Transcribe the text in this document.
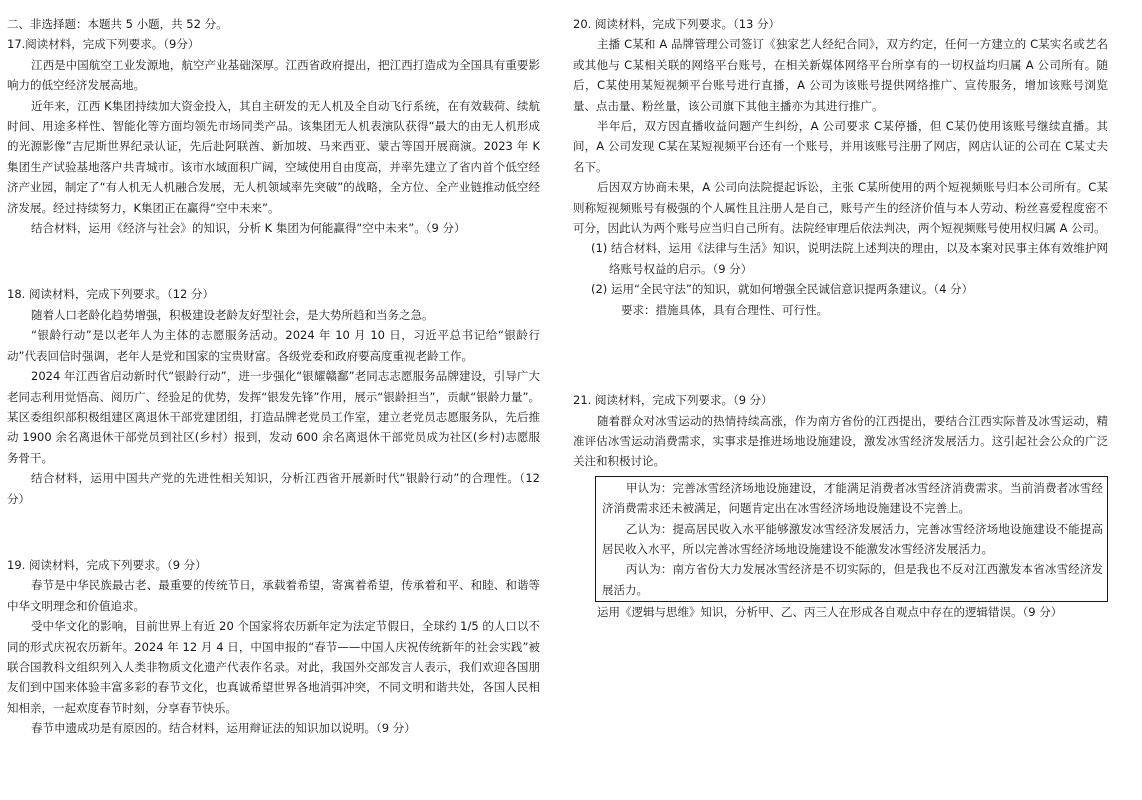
二、非选择题：本题共 5 小题，共 52 分。

17.阅读材料，完成下列要求。（9分）

江西是中国航空工业发源地，航空产业基础深厚。江西省政府提出，把江西打造成为全国具有重要影响力的低空经济发展高地。

近年来，江西 K集团持续加大资金投入，其自主研发的无人机及全自动飞行系统，在有效载荷、续航时间、用途多样性、智能化等方面均领先市场同类产品。该集团无人机表演队获得“最大的由无人机形成的光源影像”吉尼斯世界纪录认证，先后赴阿联酋、新加坡、马来西亚、蒙古等国开展商演。2023 年 K 集团生产试验基地落户共青城市。该市水域面积广阔，空域使用自由度高，并率先建立了省内首个低空经济产业园，制定了“有人机无人机融合发展，无人机领域率先突破”的战略，全方位、全产业链推动低空经济发展。经过持续努力，K集团正在赢得“空中未来”。

结合材料，运用《经济与社会》的知识，分析 K 集团为何能赢得“空中未来”。（9 分）

18. 阅读材料，完成下列要求。（12 分）

随着人口老龄化趋势增强，积极建设老龄友好型社会，是大势所趋和当务之急。

“银龄行动”是以老年人为主体的志愿服务活动。2024 年 10 月 10 日，习近平总书记给“银龄行动”代表回信时强调，老年人是党和国家的宝贵财富。各级党委和政府要高度重视老龄工作。

2024 年江西省启动新时代“银龄行动”，进一步强化“银耀赣鄱”老同志志愿服务品牌建设，引导广大老同志利用觉悟高、阅历广、经验足的优势，发挥“银发先锋”作用，展示“银龄担当”，贡献“银龄力量”。某区委组织部积极组建区离退休干部党建团组，打造品牌老党员工作室，建立老党员志愿服务队，先后推动 1900 余名离退休干部党员到社区(乡村）报到，发动 600 余名离退休干部党员成为社区(乡村)志愿服务骨干。

结合材料，运用中国共产党的先进性相关知识，分析江西省开展新时代“银龄行动”的合理性。（12 分）

19. 阅读材料，完成下列要求。（9 分）

春节是中华民族最古老、最重要的传统节日，承载着希望，寄寓着希望，传承着和平、和睦、和谐等中华文明理念和价值追求。

受中华文化的影响，目前世界上有近 20 个国家将农历新年定为法定节假日，全球约 1/5 的人口以不同的形式庆祝农历新年。2024 年 12 月 4 日，中国申报的“春节——中国人庆祝传统新年的社会实践”被联合国教科文组织列入人类非物质文化遗产代表作名录。对此，我国外交部发言人表示，我们欢迎各国朋友们到中国来体验丰富多彩的春节文化，也真诚希望世界各地消弭冲突，不同文明和谐共处，各国人民相知相亲，一起欢度春节时刻，分享春节快乐。

春节申遗成功是有原因的。结合材料，运用辩证法的知识加以说明。（9 分）

20. 阅读材料，完成下列要求。（13 分）

主播 C某和 A 品牌管理公司签订《独家艺人经纪合同》，双方约定，任何一方建立的 C某实名或艺名或其他与 C某相关联的网络平台账号，在相关新媒体网络平台所享有的一切权益均归属 A 公司所有。随后，C某使用某短视频平台账号进行直播，A 公司为该账号提供网络推广、宣传服务，增加该账号浏览量、点击量、粉丝量，该公司旗下其他主播亦为其进行推广。

半年后，双方因直播收益问题产生纠纷，A 公司要求 C某停播，但 C某仍使用该账号继续直播。其间，A 公司发现 C某在某短视频平台还有一个账号，并用该账号注册了网店，网店认证的公司在 C某丈夫名下。

后因双方协商未果，A 公司向法院提起诉讼，主张 C某所使用的两个短视频账号归本公司所有。C某则称短视频账号有极强的个人属性且注册人是自己，账号产生的经济价值与本人劳动、粉丝喜爱程度密不可分，因此认为两个账号应当归自己所有。法院经审理后依法判决，两个短视频账号使用权归属 A 公司。

(1) 结合材料，运用《法律与生活》知识，说明法院上述判决的理由，以及本案对民事主体有效维护网络账号权益的启示。（9 分）

(2) 运用“全民守法”的知识，就如何增强全民诚信意识提两条建议。（4 分）

要求：措施具体，具有合理性、可行性。

21. 阅读材料，完成下列要求。（9 分）

随着群众对冰雪运动的热情持续高涨，作为南方省份的江西提出，要结合江西实际普及冰雪运动，精准评估冰雪运动消费需求，实事求是推进场地设施建设，激发冰雪经济发展活力。这引起社会公众的广泛关注和积极讨论。

甲认为：完善冰雪经济场地设施建设，才能满足消费者冰雪经济消费需求。当前消费者冰雪经济消费需求还未被满足，问题肯定出在冰雪经济场地设施建设不完善上。

乙认为：提高居民收入水平能够激发冰雪经济发展活力，完善冰雪经济场地设施建设不能提高居民收入水平，所以完善冰雪经济场地设施建设不能激发冰雪经济发展活力。

丙认为：南方省份大力发展冰雪经济是不切实际的，但是我也不反对江西激发本省冰雪经济发展活力。

运用《逻辑与思维》知识，分析甲、乙、丙三人在形成各自观点中存在的逻辑错误。（9 分）
